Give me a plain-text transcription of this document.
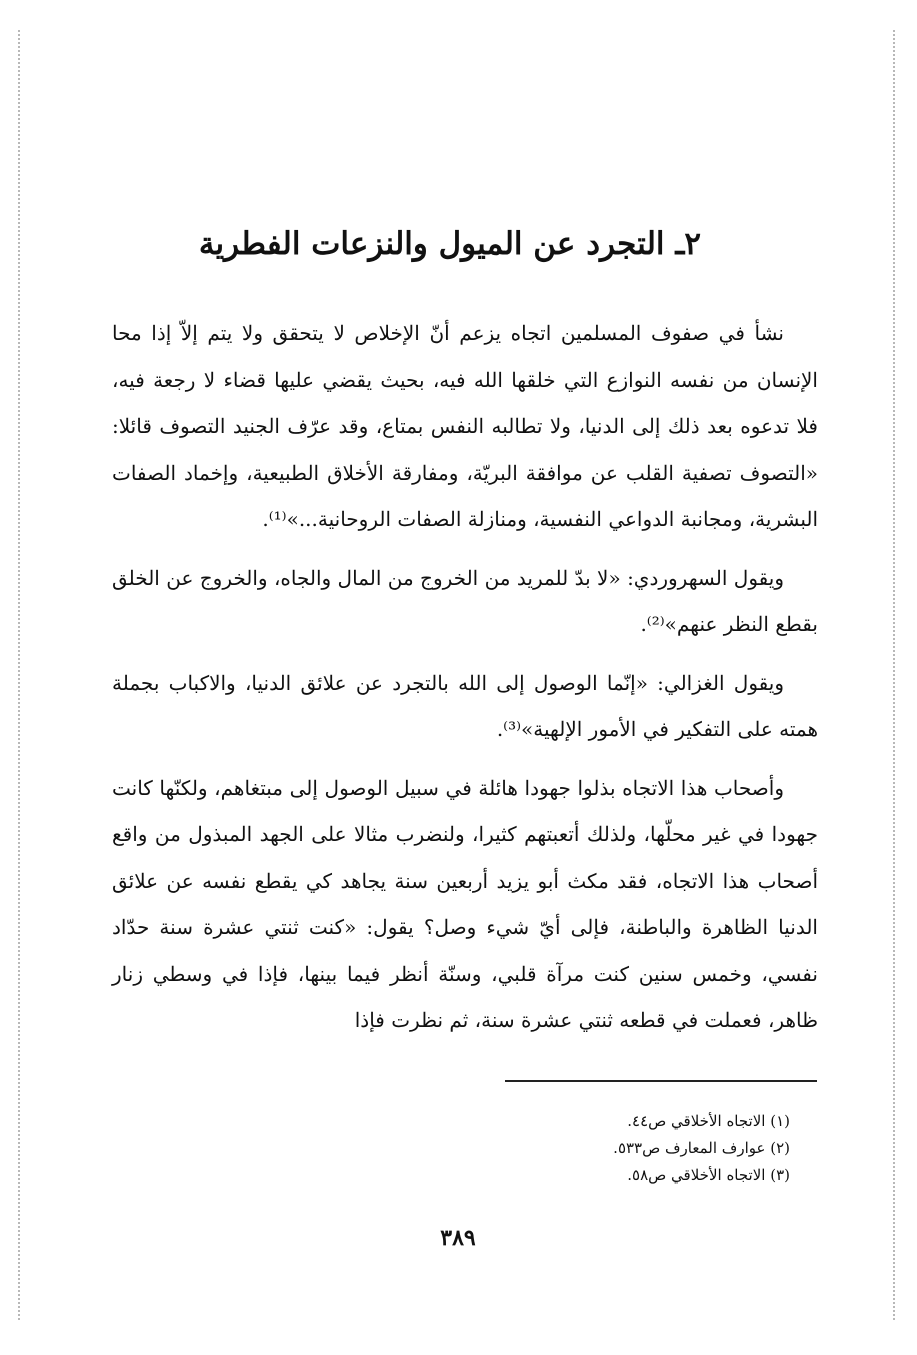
٢ـ التجرد عن الميول والنزعات الفطرية

نشأ في صفوف المسلمين اتجاه يزعم أنّ الإخلاص لا يتحقق ولا يتم إلاّ إذا محا الإنسان من نفسه النوازع التي خلقها الله فيه، بحيث يقضي عليها قضاء لا رجعة فيه، فلا تدعوه بعد ذلك إلى الدنيا، ولا تطالبه النفس بمتاع، وقد عرّف الجنيد التصوف قائلا: «التصوف تصفية القلب عن موافقة البريّة، ومفارقة الأخلاق الطبيعية، وإخماد الصفات البشرية، ومجانبة الدواعي النفسية، ومنازلة الصفات الروحانية...»⁽¹⁾.

ويقول السهروردي: «لا بدّ للمريد من الخروج من المال والجاه، والخروج عن الخلق بقطع النظر عنهم»⁽²⁾.

ويقول الغزالي: «إنّما الوصول إلى الله بالتجرد عن علائق الدنيا، والاكباب بجملة همته على التفكير في الأمور الإلهية»⁽³⁾.

وأصحاب هذا الاتجاه بذلوا جهودا هائلة في سبيل الوصول إلى مبتغاهم، ولكنّها كانت جهودا في غير محلّها، ولذلك أتعبتهم كثيرا، ولنضرب مثالا على الجهد المبذول من واقع أصحاب هذا الاتجاه، فقد مكث أبو يزيد أربعين سنة يجاهد كي يقطع نفسه عن علائق الدنيا الظاهرة والباطنة، فإلى أيّ شيء وصل؟ يقول: «كنت ثنتي عشرة سنة حدّاد نفسي، وخمس سنين كنت مرآة قلبي، وسنّة أنظر فيما بينها، فإذا في وسطي زنار ظاهر، فعملت في قطعه ثنتي عشرة سنة، ثم نظرت فإذا

(١) الاتجاه الأخلاقي ص٤٤.
(٢) عوارف المعارف ص٥٣٣.
(٣) الاتجاه الأخلاقي ص٥٨.
٣٨٩
